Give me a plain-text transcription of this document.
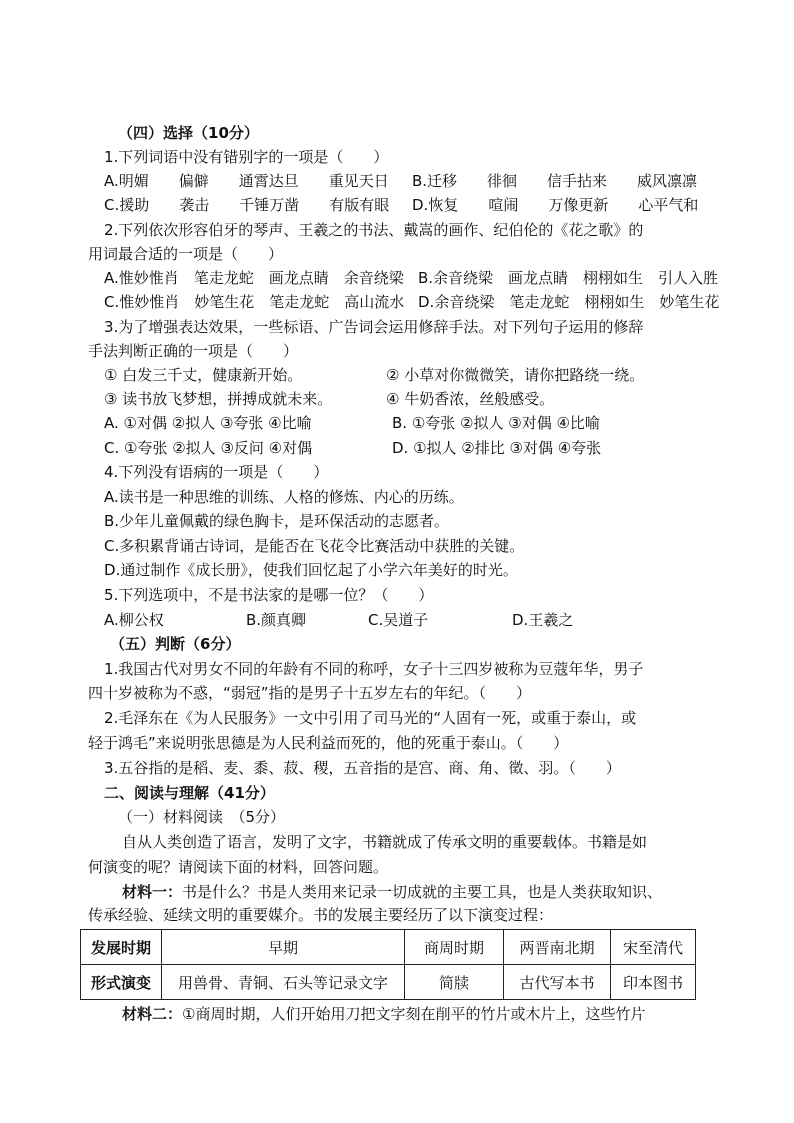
（四）选择（10分）
1.下列词语中没有错别字的一项是（　　）
A.明媚　　偏僻　　通霄达旦　　重见天日 B.迁移　　徘徊　　信手拈来　　威风凛凛
C.援助　　袭击　　千锤万凿　　有版有眼 D.恢复　　喧闹　　万像更新　　心平气和
2.下列依次形容伯牙的琴声、王羲之的书法、戴嵩的画作、纪伯伦的《花之歌》的
用词最合适的一项是（　　）
A.惟妙惟肖　笔走龙蛇　画龙点睛　余音绕梁 B.余音绕梁　画龙点睛　栩栩如生　引人入胜
C.惟妙惟肖　妙笔生花　笔走龙蛇　高山流水 D.余音绕梁　笔走龙蛇　栩栩如生　妙笔生花
3.为了增强表达效果，一些标语、广告词会运用修辞手法。对下列句子运用的修辞
手法判断正确的一项是（　　）
① 白发三千丈，健康新开始。	② 小草对你微微笑，请你把路绕一绕。
③ 读书放飞梦想，拼搏成就未来。	④ 牛奶香浓，丝般感受。
A. ①对偶 ②拟人 ③夸张 ④比喻	B. ①夸张 ②拟人 ③对偶 ④比喻
C. ①夸张 ②拟人 ③反问 ④对偶	D. ①拟人 ②排比 ③对偶 ④夸张
4.下列没有语病的一项是（　　）
A.读书是一种思维的训练、人格的修炼、内心的历练。
B.少年儿童佩戴的绿色胸卡，是环保活动的志愿者。
C.多积累背诵古诗词，是能否在飞花令比赛活动中获胜的关键。
D.通过制作《成长册》，使我们回忆起了小学六年美好的时光。
5.下列选项中，不是书法家的是哪一位？（　　）
A.柳公权	B.颜真卿	C.吴道子	D.王羲之
（五）判断（6分）
1.我国古代对男女不同的年龄有不同的称呼，女子十三四岁被称为豆蔻年华，男子
四十岁被称为不惑，“弱冠”指的是男子十五岁左右的年纪。（　　）
2.毛泽东在《为人民服务》一文中引用了司马光的“人固有一死，或重于泰山，或
轻于鸿毛”来说明张思德是为人民利益而死的，他的死重于泰山。（　　）
3.五谷指的是稻、麦、黍、菽、稷，五音指的是宫、商、角、徵、羽。（　　）
二、阅读与理解（41分）
（一）材料阅读　（5分）
自从人类创造了语言，发明了文字，书籍就成了传承文明的重要载体。书籍是如
何演变的呢？请阅读下面的材料，回答问题。
材料一：书是什么？书是人类用来记录一切成就的主要工具，也是人类获取知识、
传承经验、延续文明的重要媒介。书的发展主要经历了以下演变过程：
发展时期	早期	商周时期	两晋南北期	宋至清代
形式演变	用兽骨、青铜、石头等记录文字	简牍	古代写本书	印本图书
材料二：①商周时期，人们开始用刀把文字刻在削平的竹片或木片上，这些竹片
